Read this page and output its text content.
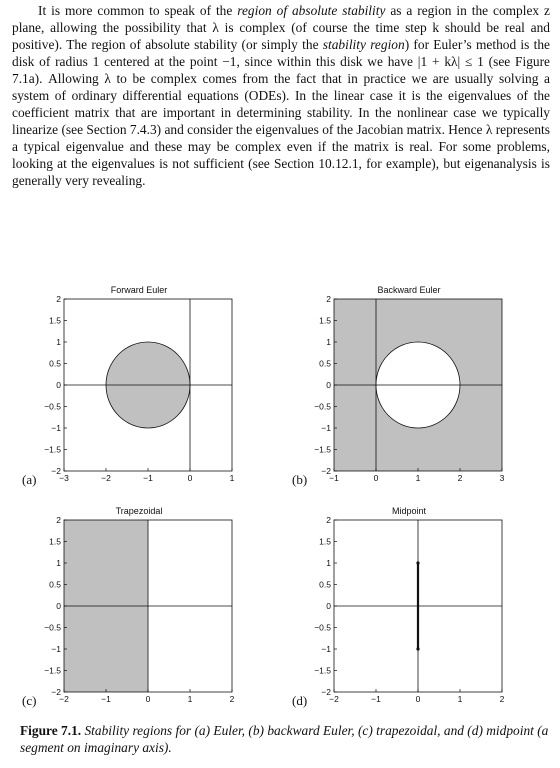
It is more common to speak of the region of absolute stability as a region in the complex z plane, allowing the possibility that λ is complex (of course the time step k should be real and positive). The region of absolute stability (or simply the stability region) for Euler’s method is the disk of radius 1 centered at the point −1, since within this disk we have |1 + kλ| ≤ 1 (see Figure 7.1a). Allowing λ to be complex comes from the fact that in practice we are usually solving a system of ordinary differential equations (ODEs). In the linear case it is the eigenvalues of the coefficient matrix that are important in determining stability. In the nonlinear case we typically linearize (see Section 7.4.3) and consider the eigenvalues of the Jacobian matrix. Hence λ represents a typical eigenvalue and these may be complex even if the matrix is real. For some problems, looking at the eigenvalues is not sufficient (see Section 10.12.1, for example), but eigenanalysis is generally very revealing.

Forward Euler
−3	−2	−1	0	1
2
1.5
1
0.5
0
−0.5
−1
−1.5
−2
(a)
Backward Euler
−1	0	1	2	3
2
1.5
1
0.5
0
−0.5
−1
−1.5
−2
(b)
Trapezoidal
−2	−1	0	1	2
2
1.5
1
0.5
0
−0.5
−1
−1.5
−2
(c)
Midpoint
−2	−1	0	1	2
2
1.5
1
0.5
0
−0.5
−1
−1.5
−2
(d)
Figure 7.1. Stability regions for (a) Euler, (b) backward Euler, (c) trapezoidal, and (d) midpoint (a segment on imaginary axis).
